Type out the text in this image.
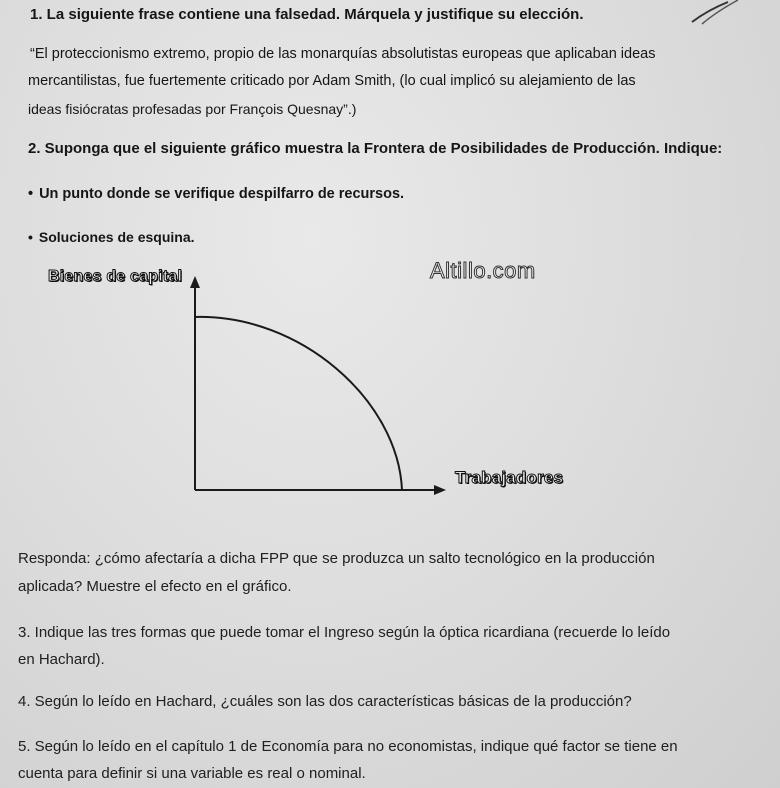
1. La siguiente frase contiene una falsedad. Márquela y justifique su elección.
“El proteccionismo extremo, propio de las monarquías absolutistas europeas que aplicaban ideas
mercantilistas, fue fuertemente criticado por Adam Smith, (lo cual implicó su alejamiento de las
ideas fisiócratas profesadas por François Quesnay”.)
2. Suponga que el siguiente gráfico muestra la Frontera de Posibilidades de Producción. Indique:
• Un punto donde se verifique despilfarro de recursos.
• Soluciones de esquina.
Bienes de capital	Altillo.com
Trabajadores
Responda: ¿cómo afectaría a dicha FPP que se produzca un salto tecnológico en la producción
aplicada? Muestre el efecto en el gráfico.
3. Indique las tres formas que puede tomar el Ingreso según la óptica ricardiana (recuerde lo leído
en Hachard).
4. Según lo leído en Hachard, ¿cuáles son las dos características básicas de la producción?
5. Según lo leído en el capítulo 1 de Economía para no economistas, indique qué factor se tiene en
cuenta para definir si una variable es real o nominal.
